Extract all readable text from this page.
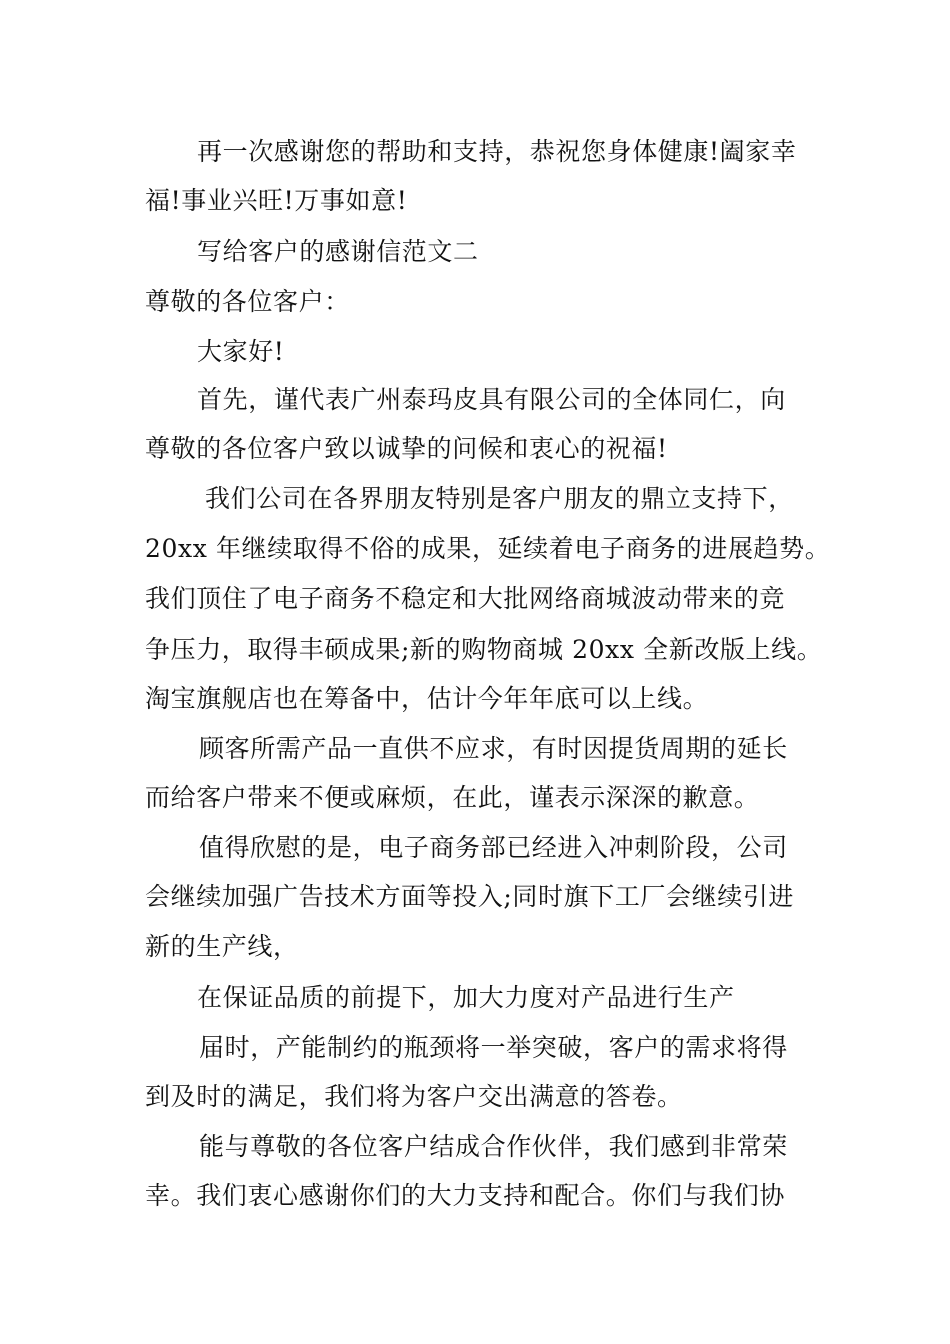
再一次感谢您的帮助和支持，恭祝您身体健康!阖家幸
福!事业兴旺!万事如意!
写给客户的感谢信范文二
尊敬的各位客户：
大家好!
首先，谨代表广州泰玛皮具有限公司的全体同仁，向
尊敬的各位客户致以诚挚的问候和衷心的祝福!
我们公司在各界朋友特别是客户朋友的鼎立支持下，
20xx 年继续取得不俗的成果，延续着电子商务的进展趋势。
我们顶住了电子商务不稳定和大批网络商城波动带来的竞
争压力，取得丰硕成果;新的购物商城 20xx 全新改版上线。
淘宝旗舰店也在筹备中，估计今年年底可以上线。
顾客所需产品一直供不应求，有时因提货周期的延长
而给客户带来不便或麻烦，在此，谨表示深深的歉意。
值得欣慰的是，电子商务部已经进入冲刺阶段，公司
会继续加强广告技术方面等投入;同时旗下工厂会继续引进
新的生产线，
在保证品质的前提下，加大力度对产品进行生产
届时，产能制约的瓶颈将一举突破，客户的需求将得
到及时的满足，我们将为客户交出满意的答卷。
能与尊敬的各位客户结成合作伙伴，我们感到非常荣
幸。我们衷心感谢你们的大力支持和配合。你们与我们协
